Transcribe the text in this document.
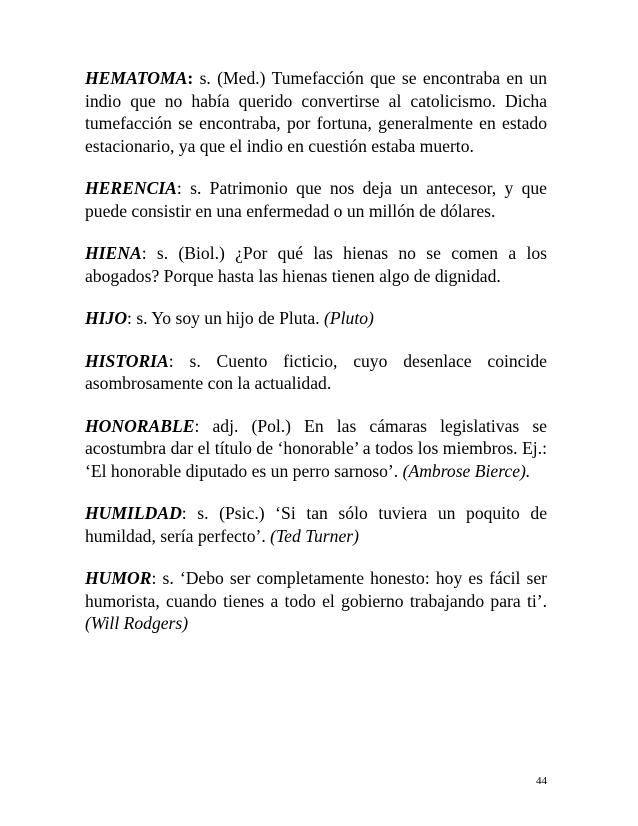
HEMATOMA: s. (Med.) Tumefacción que se encontraba en un indio que no había querido convertirse al catolicismo. Dicha tumefacción se encontraba, por fortuna, generalmente en estado estacionario, ya que el indio en cuestión estaba muerto.

HERENCIA: s. Patrimonio que nos deja un antecesor, y que puede consistir en una enfermedad o un millón de dólares.

HIENA: s. (Biol.) ¿Por qué las hienas no se comen a los abogados? Porque hasta las hienas tienen algo de dignidad.

HIJO: s. Yo soy un hijo de Pluta. (Pluto)

HISTORIA: s. Cuento ficticio, cuyo desenlace coincide asombrosamente con la actualidad.

HONORABLE: adj. (Pol.) En las cámaras legislativas se acostumbra dar el título de ‘honorable’ a todos los miembros. Ej.: ‘El honorable diputado es un perro sarnoso’. (Ambrose Bierce).

HUMILDAD: s. (Psic.) ‘Si tan sólo tuviera un poquito de humildad, sería perfecto’. (Ted Turner)

HUMOR: s. ‘Debo ser completamente honesto: hoy es fácil ser humorista, cuando tienes a todo el gobierno trabajando para ti’. (Will Rodgers)

44
